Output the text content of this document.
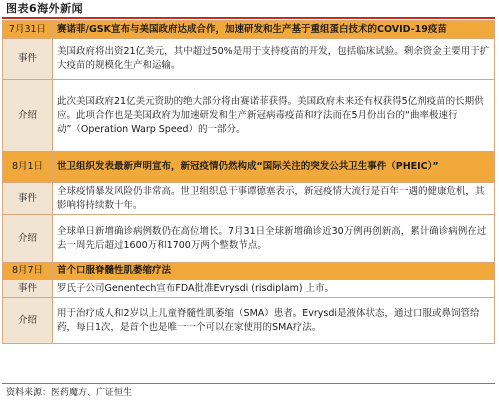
图表6海外新闻
7月31日	赛诺菲/GSK宣布与美国政府达成合作，加速研发和生产基于重组蛋白技术的COVID-19疫苗
事件	美国政府将出资21亿美元，其中超过50%是用于支持疫苗的开发，包括临床试验。剩余资金主要用于扩大疫苗的规模化生产和运输。
介绍	此次美国政府21亿美元资助的绝大部分将由赛诺菲获得。美国政府未来还有权获得5亿剂疫苗的长期供应。此项合作也是美国政府为加速研发和生产新冠病毒疫苗和疗法而在5月份出台的“曲率极速行动”（Operation Warp Speed）的一部分。
8月1日	世卫组织发表最新声明宣布，新冠疫情仍然构成“国际关注的突发公共卫生事件（PHEIC）”
事件	全球疫情暴发风险仍非常高。世卫组织总干事谭德塞表示，新冠疫情大流行是百年一遇的健康危机，其影响将持续数十年。
介绍	全球单日新增确诊病例数仍在高位增长。7月31日全球新增确诊近30万例再创新高，累计确诊病例在过去一周先后超过1600万和1700万两个整数节点。
8月7日	首个口服脊髓性肌萎缩疗法
事件	罗氏子公司Genentech宣布FDA批准Evrysdi (risdiplam) 上市。
介绍	用于治疗成人和2岁以上儿童脊髓性肌萎缩（SMA）患者。Evrysdi是液体状态，通过口服或鼻饲管给药，每日1次，是首个也是唯一一个可以在家使用的SMA疗法。
资料来源：医药魔方、广证恒生
